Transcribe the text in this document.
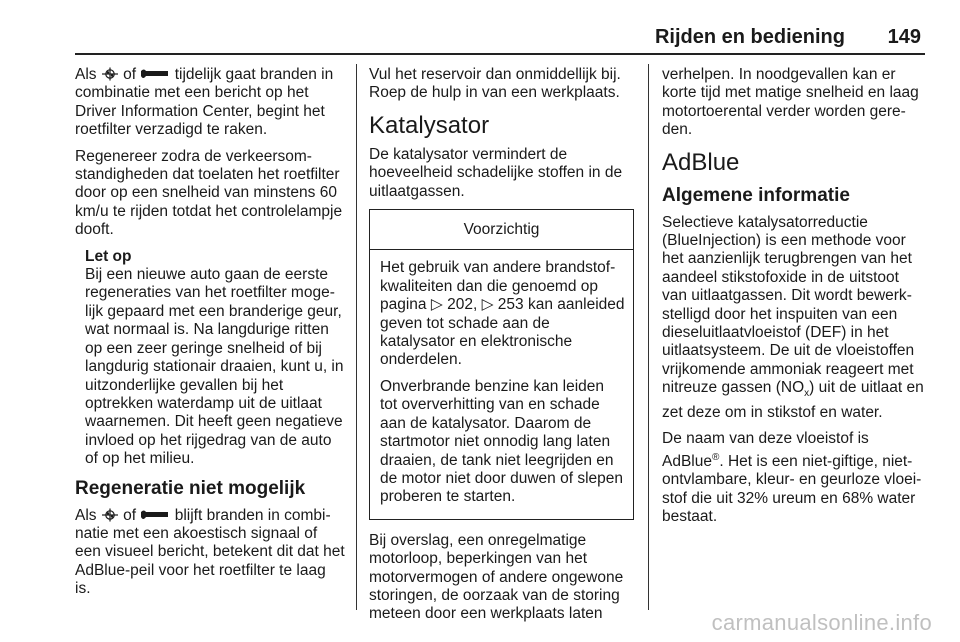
Rijden en bediening 149

Als  of  tijdelijk gaat branden in combinatie met een bericht op het Driver Information Center, begint het roetfilter verzadigd te raken.

Regenereer zodra de verkeersomstandigheden dat toelaten het roetfilter door op een snelheid van minstens 60 km/u te rijden totdat het controlelampje dooft.

Let op

Bij een nieuwe auto gaan de eerste regeneraties van het roetfilter mogelijk gepaard met een branderige geur, wat normaal is. Na langdurige ritten op een zeer geringe snelheid of bij langdurig stationair draaien, kunt u, in uitzonderlijke gevallen bij het optrekken waterdamp uit de uitlaat waarnemen. Dit heeft geen negatieve invloed op het rijgedrag van de auto of op het milieu.

Regeneratie niet mogelijk

Als  of  blijft branden in combinatie met een akoestisch signaal of een visueel bericht, betekent dit dat het AdBlue-peil voor het roetfilter te laag is.

Vul het reservoir dan onmiddellijk bij. Roep de hulp in van een werkplaats.

Katalysator

De katalysator vermindert de hoeveelheid schadelijke stoffen in de uitlaatgassen.

Voorzichtig

Het gebruik van andere brandstofkwaliteiten dan die genoemd op pagina ▷ 202, ▷ 253 kan aanleided geven tot schade aan de katalysator en elektronische onderdelen.

Onverbrande benzine kan leiden tot oververhitting van en schade aan de katalysator. Daarom de startmotor niet onnodig lang laten draaien, de tank niet leegrijden en de motor niet door duwen of slepen proberen te starten.

Bij overslag, een onregelmatige motorloop, beperkingen van het motorvermogen of andere ongewone storingen, de oorzaak van de storing meteen door een werkplaats laten

verhelpen. In noodgevallen kan er korte tijd met matige snelheid en laag motortoerental verder worden gereden.

AdBlue
Algemene informatie

Selectieve katalysatorreductie (BlueInjection) is een methode voor het aanzienlijk terugbrengen van het aandeel stikstofoxide in de uitstoot van uitlaatgassen. Dit wordt bewerkstelligd door het inspuiten van een dieseluitlaatvloeistof (DEF) in het uitlaatsysteem. De uit de vloeistoffen vrijkomende ammoniak reageert met nitreuze gassen $(NO_x)$ uit de uitlaat en zet deze om in stikstof en water.

De naam van deze vloeistof is AdBlue®. Het is een niet-giftige, niet-ontvlambare, kleur- en geurloze vloeistof die uit 32% ureum en 68% water bestaat.

carmanualsonline.info
